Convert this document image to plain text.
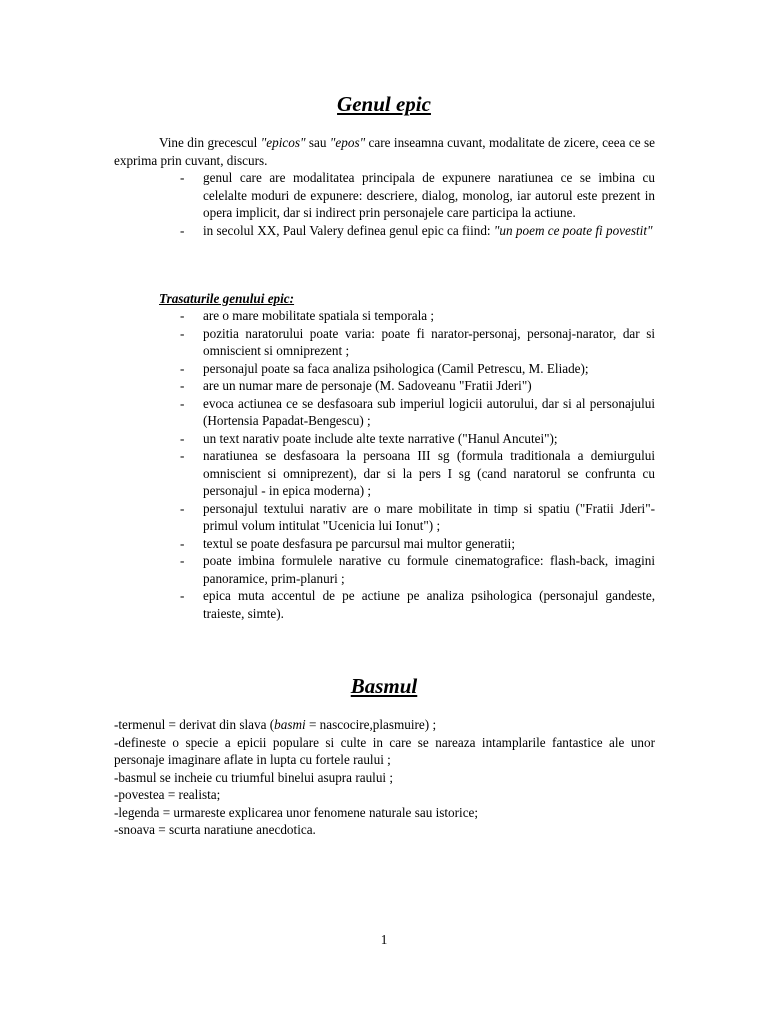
Genul epic

Vine din grecescul "epicos" sau "epos" care inseamna cuvant, modalitate de zicere, ceea ce se exprima prin cuvant, discurs.

- genul care are modalitatea principala de expunere naratiunea ce se imbina cu celelalte moduri de expunere: descriere, dialog, monolog, iar autorul este prezent in opera implicit, dar si indirect prin personajele care participa la actiune.
- in secolul XX, Paul Valery definea genul epic ca fiind: "un poem ce poate fi povestit"

Trasaturile genului epic:

- are o mare mobilitate spatiala si temporala ;
- pozitia naratorului poate varia: poate fi narator-personaj, personaj-narator, dar si omniscient si omniprezent ;
- personajul poate sa faca analiza psihologica (Camil Petrescu, M. Eliade);
- are un numar mare de personaje (M. Sadoveanu "Fratii Jderi")
- evoca actiunea ce se desfasoara sub imperiul logicii autorului, dar si al personajului (Hortensia Papadat-Bengescu) ;
- un text narativ poate include alte texte narrative ("Hanul Ancutei");
- naratiunea se desfasoara la persoana III sg (formula traditionala a demiurgului omniscient si omniprezent), dar si la pers I sg (cand naratorul se confrunta cu personajul - in epica moderna) ;
- personajul textului narativ are o mare mobilitate in timp si spatiu ("Fratii Jderi"- primul volum intitulat "Ucenicia lui Ionut") ;
- textul se poate desfasura pe parcursul mai multor generatii;
- poate imbina formulele narative cu formule cinematografice: flash-back, imagini panoramice, prim-planuri ;
- epica muta accentul de pe actiune pe analiza psihologica (personajul gandeste, traieste, simte).
Basmul

-termenul = derivat din slava (basmi = nascocire,plasmuire) ;

-defineste o specie a epicii populare si culte in care se nareaza intamplarile fantastice ale unor personaje imaginare aflate in lupta cu fortele raului ;

-basmul se incheie cu triumful binelui asupra raului ;

-povestea = realista;

-legenda = urmareste explicarea unor fenomene naturale sau istorice;

-snoava = scurta naratiune anecdotica.

1
